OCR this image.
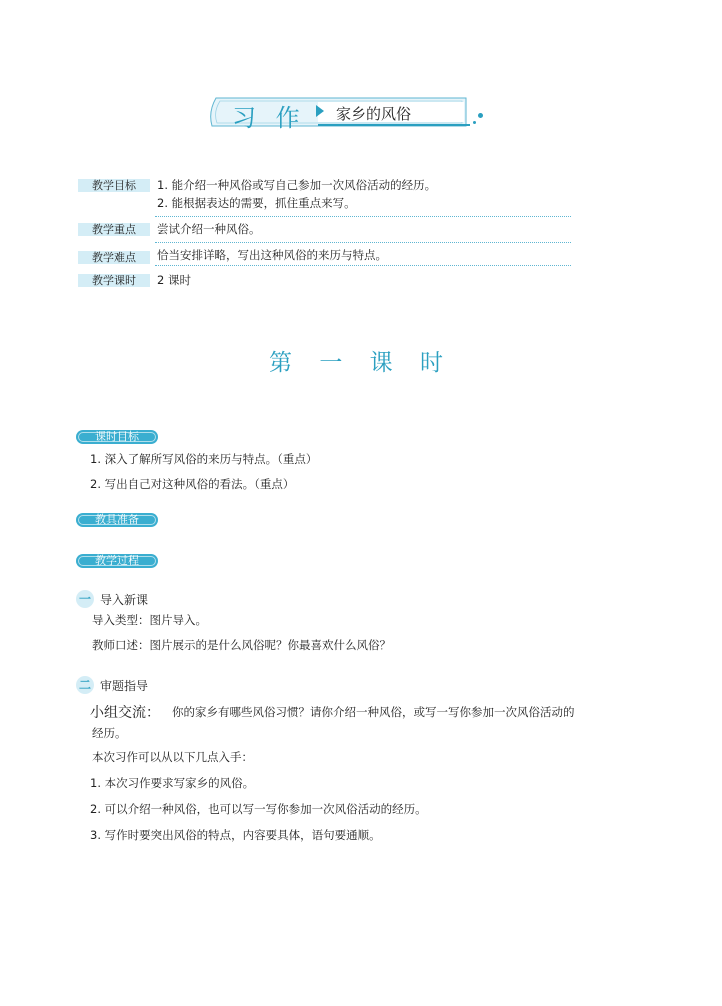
习 作 家乡的风俗
教学目标	1. 能介绍一种风俗或写自己参加一次风俗活动的经历。
2. 能根据表达的需要，抓住重点来写。
教学重点	尝试介绍一种风俗。
教学难点	恰当安排详略，写出这种风俗的来历与特点。
教学课时	2 课时
第 一 课 时
课时目标
1. 深入了解所写风俗的来历与特点。（重点）
2. 写出自己对这种风俗的看法。（重点）
教具准备
教学过程
一 导入新课
导入类型：图片导入。
教师口述：图片展示的是什么风俗呢？你最喜欢什么风俗？
二 审题指导
小组交流： 你的家乡有哪些风俗习惯？请你介绍一种风俗，或写一写你参加一次风俗活动的
经历。
本次习作可以从以下几点入手：
1. 本次习作要求写家乡的风俗。
2. 可以介绍一种风俗，也可以写一写你参加一次风俗活动的经历。
3. 写作时要突出风俗的特点，内容要具体，语句要通顺。
